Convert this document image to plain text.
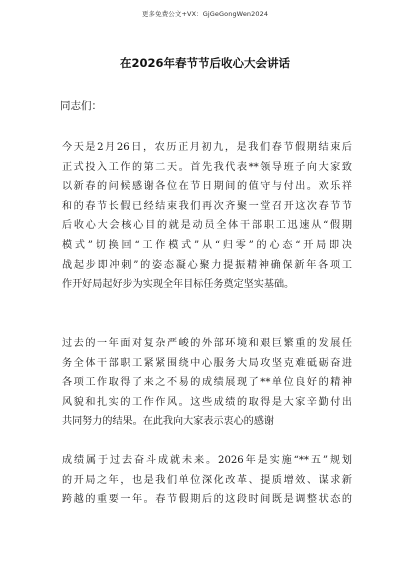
更多免费公文+VX：GjGeGongWen2024
在2026年春节节后收心大会讲话
同志们：
今天是2月26日，农历正月初九，是我们春节假期结束后
正式投入工作的第二天。首先我代表**领导班子向大家致
以新春的问候感谢各位在节日期间的值守与付出。欢乐祥
和的春节长假已经结束我们再次齐聚一堂召开这次春节节
后收心大会核心目的就是动员全体干部职工迅速从“假期
模式”切换回“工作模式”从“归零”的心态“开局即决
战起步即冲刺”的姿态凝心聚力提振精神确保新年各项工
作开好局起好步为实现全年目标任务奠定坚实基础。
过去的一年面对复杂严峻的外部环境和艰巨繁重的发展任
务全体干部职工紧紧围绕中心服务大局攻坚克难砥砺奋进
各项工作取得了来之不易的成绩展现了**单位良好的精神
风貌和扎实的工作作风。这些成绩的取得是大家辛勤付出
共同努力的结果。在此我向大家表示衷心的感谢
成绩属于过去奋斗成就未来。2026年是实施“**五”规划
的开局之年，也是我们单位深化改革、提质增效、谋求新
跨越的重要一年。春节假期后的这段时间既是调整状态的
